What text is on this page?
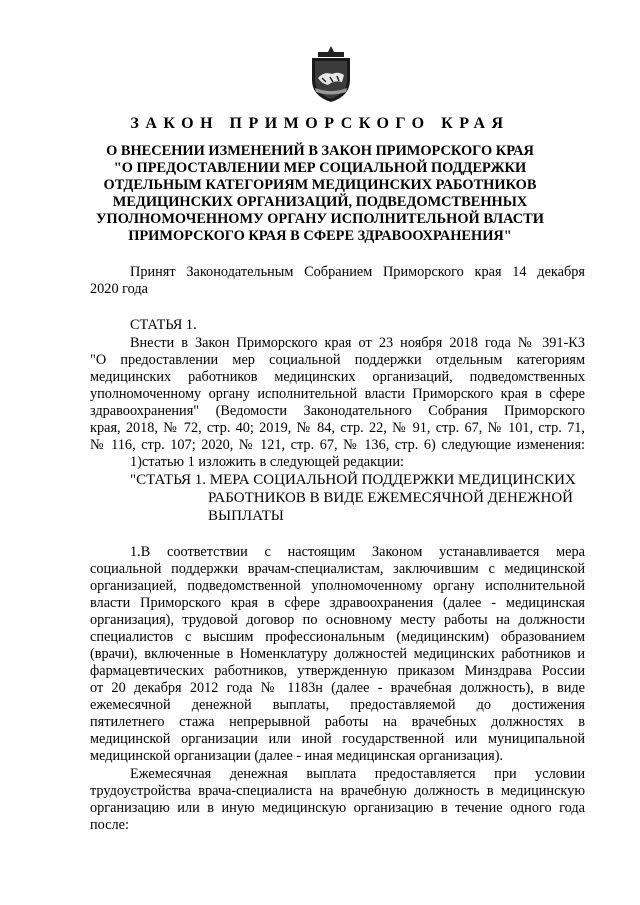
ЗАКОН ПРИМОРСКОГО КРАЯ
О ВНЕСЕНИИ ИЗМЕНЕНИЙ В ЗАКОН ПРИМОРСКОГО КРАЯ
"О ПРЕДОСТАВЛЕНИИ МЕР СОЦИАЛЬНОЙ ПОДДЕРЖКИ
ОТДЕЛЬНЫМ КАТЕГОРИЯМ МЕДИЦИНСКИХ РАБОТНИКОВ
МЕДИЦИНСКИХ ОРГАНИЗАЦИЙ, ПОДВЕДОМСТВЕННЫХ
УПОЛНОМОЧЕННОМУ ОРГАНУ ИСПОЛНИТЕЛЬНОЙ ВЛАСТИ
ПРИМОРСКОГО КРАЯ В СФЕРЕ ЗДРАВООХРАНЕНИЯ"
Принят Законодательным Собранием Приморского края 14 декабря
2020 года
СТАТЬЯ 1.
Внести в Закон Приморского края от 23 ноября 2018 года № 391-КЗ
"О предоставлении мер социальной поддержки отдельным категориям
медицинских работников медицинских организаций, подведомственных
уполномоченному органу исполнительной власти Приморского края в сфере
здравоохранения" (Ведомости Законодательного Собрания Приморского
края, 2018, № 72, стр. 40; 2019, № 84, стр. 22, № 91, стр. 67, № 101, стр. 71,
№ 116, стр. 107; 2020, № 121, стр. 67, № 136, стр. 6) следующие изменения:
1)статью 1 изложить в следующей редакции:
"СТАТЬЯ 1. МЕРА СОЦИАЛЬНОЙ ПОДДЕРЖКИ МЕДИЦИНСКИХ
РАБОТНИКОВ В ВИДЕ ЕЖЕМЕСЯЧНОЙ ДЕНЕЖНОЙ
ВЫПЛАТЫ
1.В соответствии с настоящим Законом устанавливается мера
социальной поддержки врачам-специалистам, заключившим с медицинской
организацией, подведомственной уполномоченному органу исполнительной
власти Приморского края в сфере здравоохранения (далее - медицинская
организация), трудовой договор по основному месту работы на должности
специалистов с высшим профессиональным (медицинским) образованием
(врачи), включенные в Номенклатуру должностей медицинских работников и
фармацевтических работников, утвержденную приказом Минздрава России
от 20 декабря 2012 года № 1183н (далее - врачебная должность), в виде
ежемесячной денежной выплаты, предоставляемой до достижения
пятилетнего стажа непрерывной работы на врачебных должностях в
медицинской организации или иной государственной или муниципальной
медицинской организации (далее - иная медицинская организация).
Ежемесячная денежная выплата предоставляется при условии
трудоустройства врача-специалиста на врачебную должность в медицинскую
организацию или в иную медицинскую организацию в течение одного года
после:
